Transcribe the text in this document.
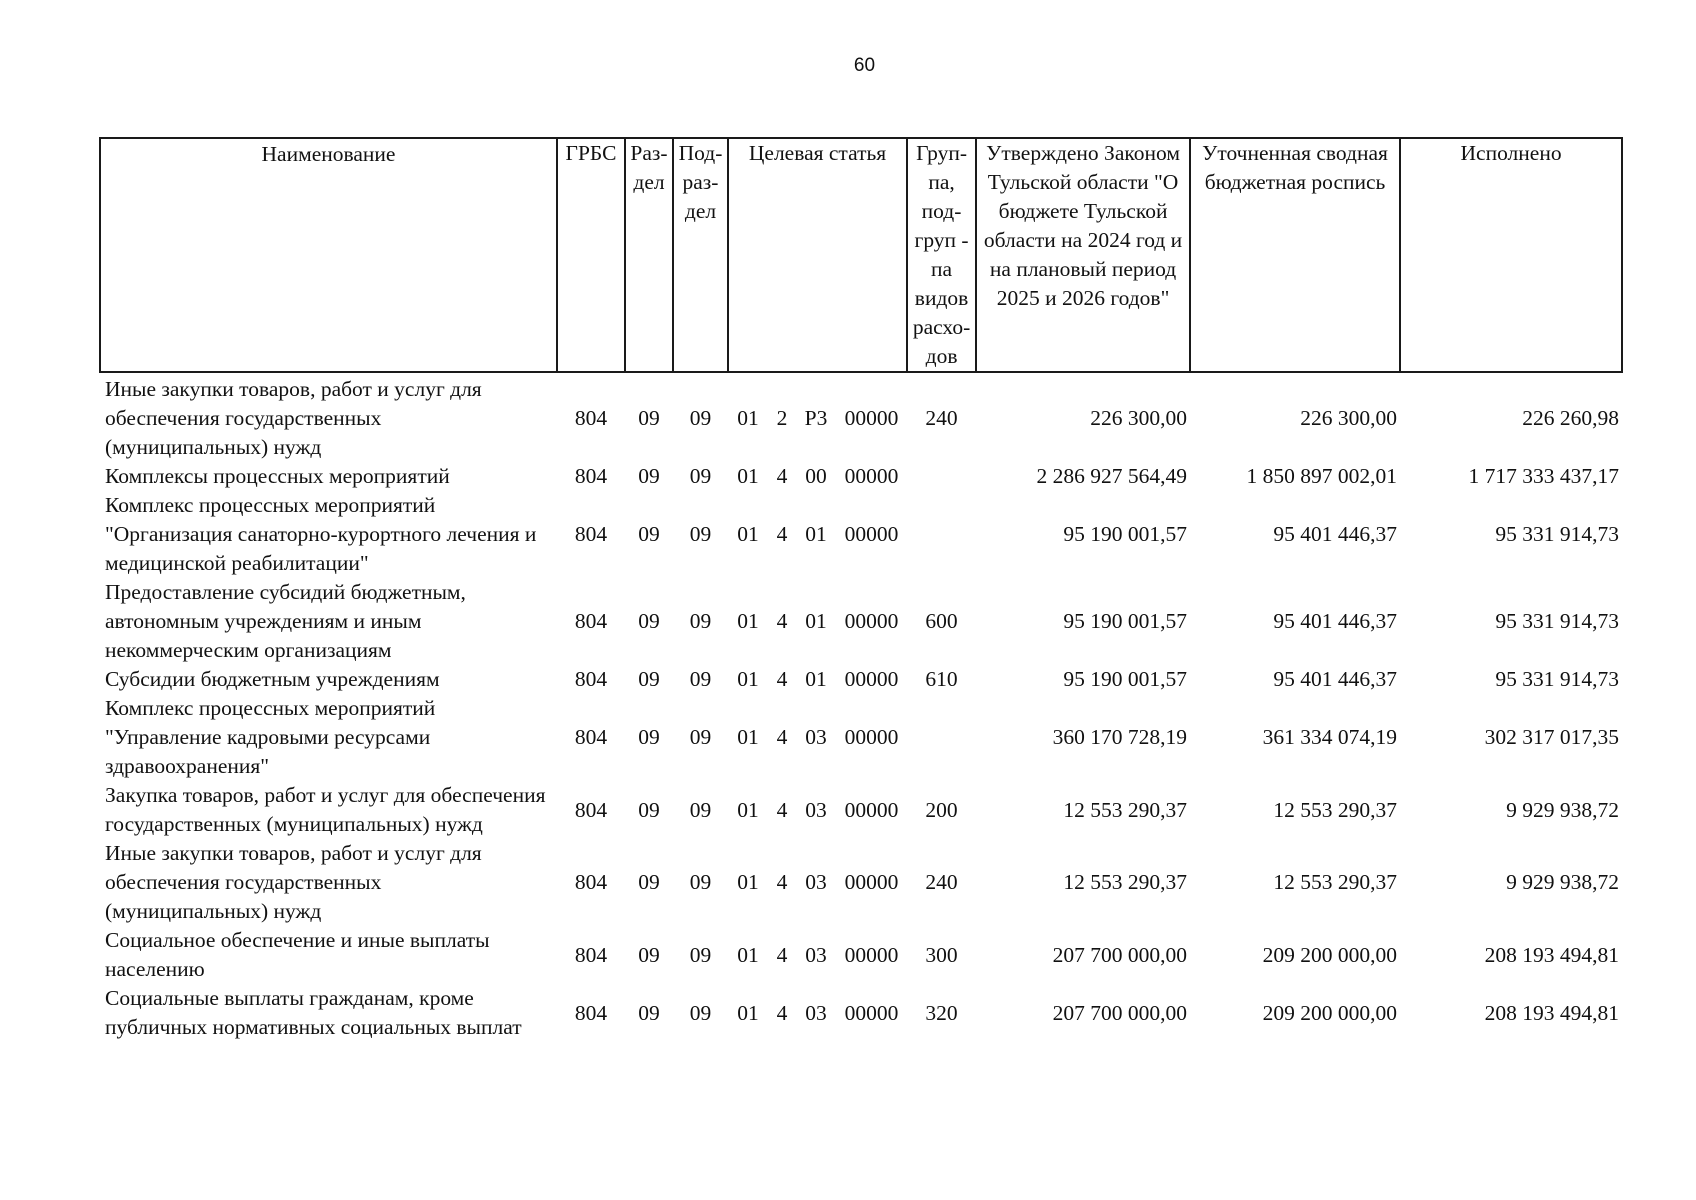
60
Наименование	ГРБС	Раз-дел	Под-раз-дел	Целевая статья				Груп-па, под-груп - па видов расхо-дов	Утверждено Законом Тульской области "О бюджете Тульской области на 2024 год и на плановый период 2025 и 2026 годов"	Уточненная сводная бюджетная роспись	Исполнено
Иные закупки товаров, работ и услуг для обеспечения государственных (муниципальных) нужд	804	09	09	01	2	Р3	00000	240	226 300,00	226 300,00	226 260,98
Комплексы процессных мероприятий	804	09	09	01	4	00	00000		2 286 927 564,49	1 850 897 002,01	1 717 333 437,17
Комплекс процессных мероприятий "Организация санаторно-курортного лечения и медицинской реабилитации"	804	09	09	01	4	01	00000		95 190 001,57	95 401 446,37	95 331 914,73
Предоставление субсидий бюджетным, автономным учреждениям и иным некоммерческим организациям	804	09	09	01	4	01	00000	600	95 190 001,57	95 401 446,37	95 331 914,73
Субсидии бюджетным учреждениям	804	09	09	01	4	01	00000	610	95 190 001,57	95 401 446,37	95 331 914,73
Комплекс процессных мероприятий "Управление кадровыми ресурсами здравоохранения"	804	09	09	01	4	03	00000		360 170 728,19	361 334 074,19	302 317 017,35
Закупка товаров, работ и услуг для обеспечения государственных (муниципальных) нужд	804	09	09	01	4	03	00000	200	12 553 290,37	12 553 290,37	9 929 938,72
Иные закупки товаров, работ и услуг для обеспечения государственных (муниципальных) нужд	804	09	09	01	4	03	00000	240	12 553 290,37	12 553 290,37	9 929 938,72
Социальное обеспечение и иные выплаты населению	804	09	09	01	4	03	00000	300	207 700 000,00	209 200 000,00	208 193 494,81
Социальные выплаты гражданам, кроме публичных нормативных социальных выплат	804	09	09	01	4	03	00000	320	207 700 000,00	209 200 000,00	208 193 494,81
